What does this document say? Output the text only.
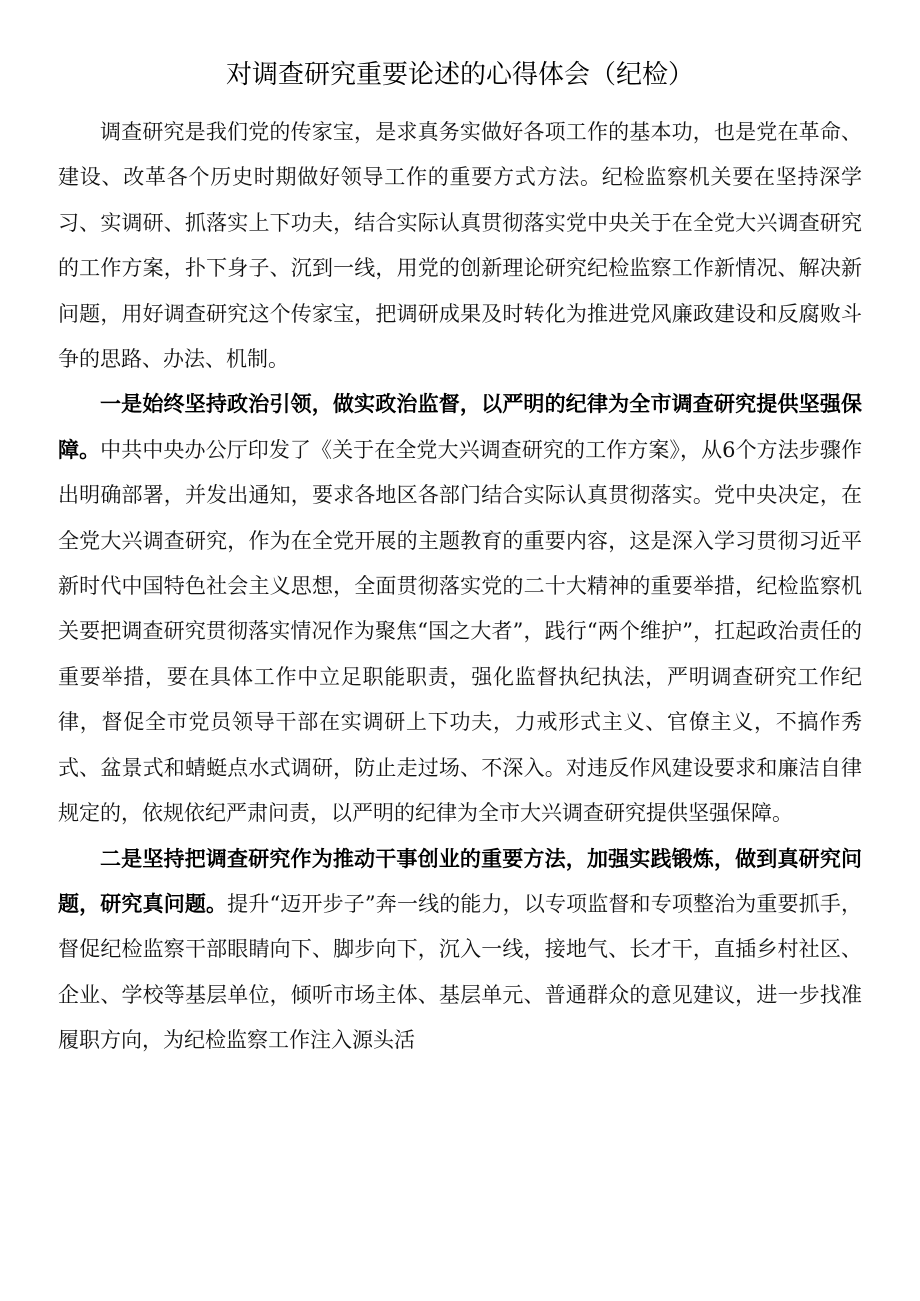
对调查研究重要论述的心得体会（纪检）

调查研究是我们党的传家宝，是求真务实做好各项工作的基本功，也是党在革命、建设、改革各个历史时期做好领导工作的重要方式方法。纪检监察机关要在坚持深学习、实调研、抓落实上下功夫，结合实际认真贯彻落实党中央关于在全党大兴调查研究的工作方案，扑下身子、沉到一线，用党的创新理论研究纪检监察工作新情况、解决新问题，用好调查研究这个传家宝，把调研成果及时转化为推进党风廉政建设和反腐败斗争的思路、办法、机制。

一是始终坚持政治引领，做实政治监督，以严明的纪律为全市调查研究提供坚强保障。中共中央办公厅印发了《关于在全党大兴调查研究的工作方案》，从6个方法步骤作出明确部署，并发出通知，要求各地区各部门结合实际认真贯彻落实。党中央决定，在全党大兴调查研究，作为在全党开展的主题教育的重要内容，这是深入学习贯彻习近平新时代中国特色社会主义思想，全面贯彻落实党的二十大精神的重要举措，纪检监察机关要把调查研究贯彻落实情况作为聚焦“国之大者”，践行“两个维护”，扛起政治责任的重要举措，要在具体工作中立足职能职责，强化监督执纪执法，严明调查研究工作纪律，督促全市党员领导干部在实调研上下功夫，力戒形式主义、官僚主义，不搞作秀式、盆景式和蜻蜓点水式调研，防止走过场、不深入。对违反作风建设要求和廉洁自律规定的，依规依纪严肃问责，以严明的纪律为全市大兴调查研究提供坚强保障。

二是坚持把调查研究作为推动干事创业的重要方法，加强实践锻炼，做到真研究问题，研究真问题。提升“迈开步子”奔一线的能力，以专项监督和专项整治为重要抓手，督促纪检监察干部眼睛向下、脚步向下，沉入一线，接地气、长才干，直插乡村社区、企业、学校等基层单位，倾听市场主体、基层单元、普通群众的意见建议，进一步找准履职方向，为纪检监察工作注入源头活
